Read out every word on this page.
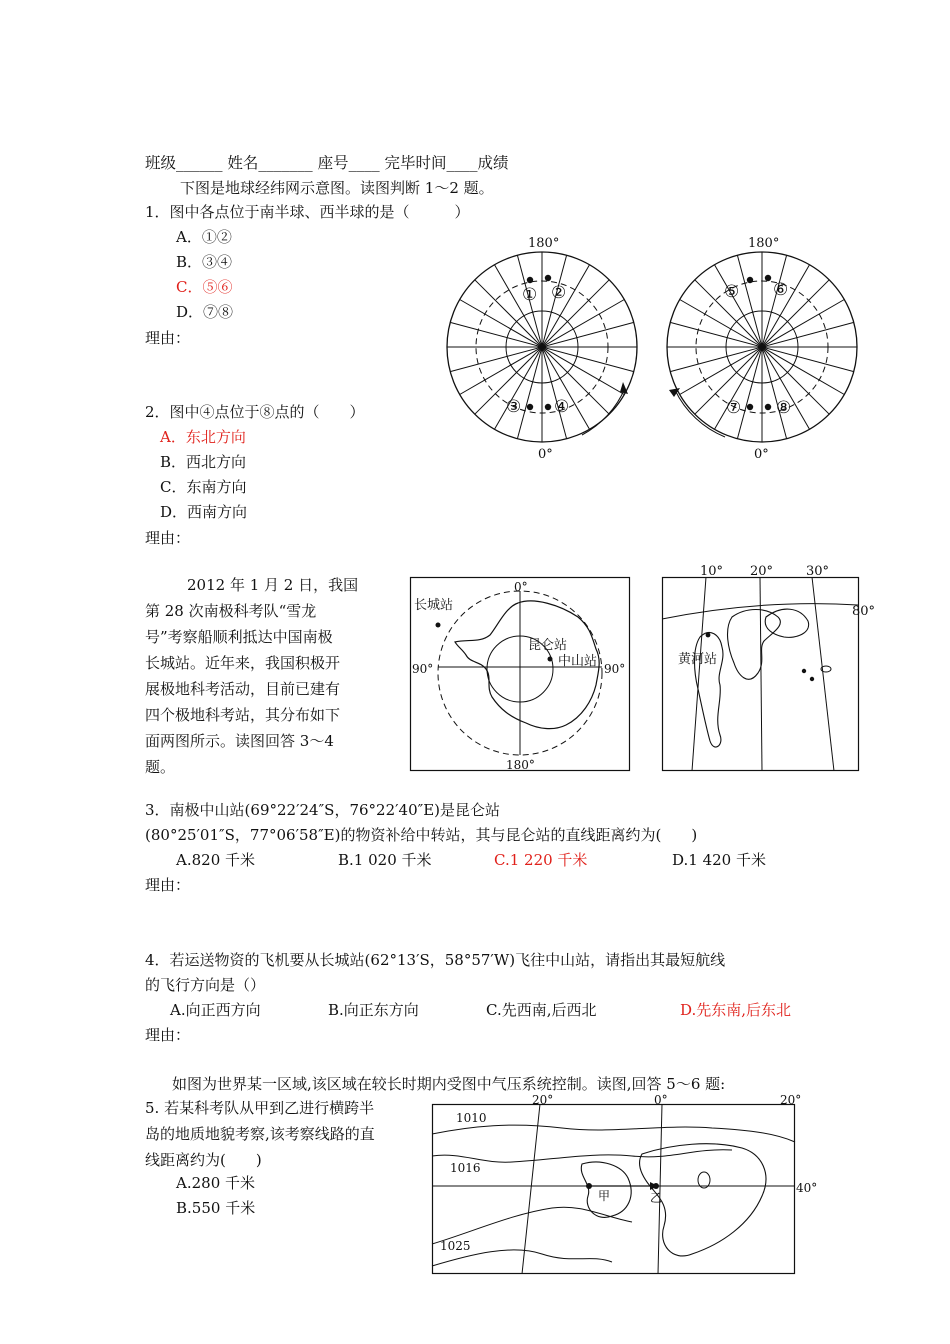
班级______ 姓名_______ 座号____ 完毕时间____成绩
下图是地球经纬网示意图。读图判断 1～2 题。
1．图中各点位于南半球、西半球的是（　　　）
A．①②
B．③④
C．⑤⑥
D．⑦⑧
理由：
180°
0°
180°
0°
① ②
③ ④
⑤ ⑥
⑦ ⑧
2．图中④点位于⑧点的（　　）
A．东北方向
B．西北方向
C．东南方向
D．西南方向
理由：
2012 年 1 月 2 日，我国
第 28 次南极科考队“雪龙
号”考察船顺利抵达中国南极
长城站。近年来，我国积极开
展极地科考活动，目前已建有
四个极地科考站，其分布如下
面两图所示。读图回答 3～4
题。
0°
180°
90°	90°
长城站
昆仑站
中山站
10° 20°	30°
80°
黄河站
3．南极中山站(69°22′24″S，76°22′40″E)是昆仑站
(80°25′01″S，77°06′58″E)的物资补给中转站，其与昆仑站的直线距离约为(　　)
A.820 千米	B.1 020 千米	C.1 220 千米	D.1 420 千米
理由：
4．若运送物资的飞机要从长城站(62°13′S，58°57′W)飞往中山站，请指出其最短航线
的飞行方向是（）
A.向正西方向	B.向正东方向	C.先西南,后西北	D.先东南,后东北
理由：
如图为世界某一区域,该区域在较长时期内受图中气压系统控制。读图,回答 5～6 题:
5. 若某科考队从甲到乙进行横跨半
岛的地质地貌考察,该考察线路的直
线距离约为(　　)
A.280 千米
B.550 千米
1010
1016
1025
20°	0°	20°
40°
甲	乙
